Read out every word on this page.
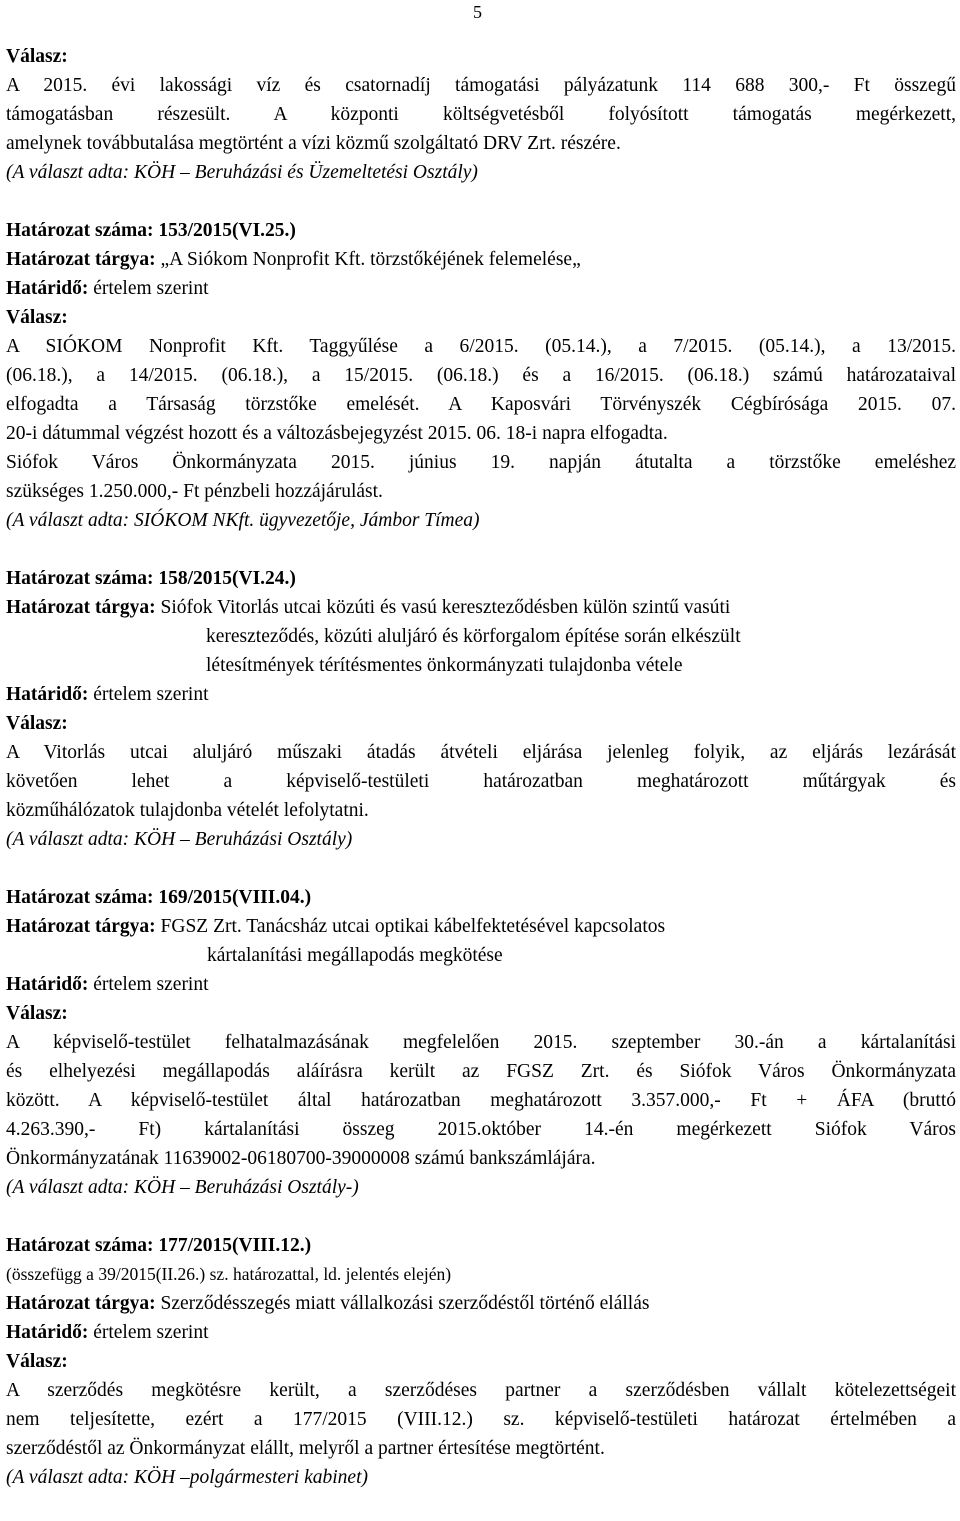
5
Válasz:
A 2015. évi lakossági víz és csatornadíj támogatási pályázatunk 114 688 300,- Ft összegű
támogatásban részesült. A központi költségvetésből folyósított támogatás megérkezett,
amelynek továbbutalása megtörtént a vízi közmű szolgáltató DRV Zrt. részére.
(A választ adta: KÖH – Beruházási és Üzemeltetési Osztály)
Határozat száma: 153/2015(VI.25.)
Határozat tárgya: „A Siókom Nonprofit Kft. törzstőkéjének felemelése„
Határidő: értelem szerint
Válasz:
A SIÓKOM Nonprofit Kft. Taggyűlése a 6/2015. (05.14.), a 7/2015. (05.14.), a 13/2015.
(06.18.), a 14/2015. (06.18.), a 15/2015. (06.18.) és a 16/2015. (06.18.) számú határozataival
elfogadta a Társaság törzstőke emelését. A Kaposvári Törvényszék Cégbírósága 2015. 07.
20-i dátummal végzést hozott és a változásbejegyzést 2015. 06. 18-i napra elfogadta.
Siófok Város Önkormányzata 2015. június 19. napján átutalta a törzstőke emeléshez
szükséges 1.250.000,- Ft pénzbeli hozzájárulást.
(A választ adta: SIÓKOM NKft. ügyvezetője, Jámbor Tímea)
Határozat száma: 158/2015(VI.24.)
Határozat tárgya: Siófok Vitorlás utcai közúti és vasú kereszteződésben külön szintű vasúti
kereszteződés, közúti aluljáró és körforgalom építése során elkészült
létesítmények térítésmentes önkormányzati tulajdonba vétele
Határidő: értelem szerint
Válasz:
A Vitorlás utcai aluljáró műszaki átadás átvételi eljárása jelenleg folyik, az eljárás lezárását
követően lehet a képviselő-testületi határozatban meghatározott műtárgyak és
közműhálózatok tulajdonba vételét lefolytatni.
(A választ adta: KÖH – Beruházási Osztály)
Határozat száma: 169/2015(VIII.04.)
Határozat tárgya: FGSZ Zrt. Tanácsház utcai optikai kábelfektetésével kapcsolatos
kártalanítási megállapodás megkötése
Határidő: értelem szerint
Válasz:
A képviselő-testület felhatalmazásának megfelelően 2015. szeptember 30.-án a kártalanítási
és elhelyezési megállapodás aláírásra került az FGSZ Zrt. és Siófok Város Önkormányzata
között. A képviselő-testület által határozatban meghatározott 3.357.000,- Ft + ÁFA (bruttó
4.263.390,- Ft) kártalanítási összeg 2015.október 14.-én megérkezett Siófok Város
Önkormányzatának 11639002-06180700-39000008 számú bankszámlájára.
(A választ adta: KÖH – Beruházási Osztály-)
Határozat száma: 177/2015(VIII.12.)
(összefügg a 39/2015(II.26.) sz. határozattal, ld. jelentés elején)
Határozat tárgya: Szerződésszegés miatt vállalkozási szerződéstől történő elállás
Határidő: értelem szerint
Válasz:
A szerződés megkötésre került, a szerződéses partner a szerződésben vállalt kötelezettségeit
nem teljesítette, ezért a 177/2015 (VIII.12.) sz. képviselő-testületi határozat értelmében a
szerződéstől az Önkormányzat elállt, melyről a partner értesítése megtörtént.
(A választ adta: KÖH –polgármesteri kabinet)
